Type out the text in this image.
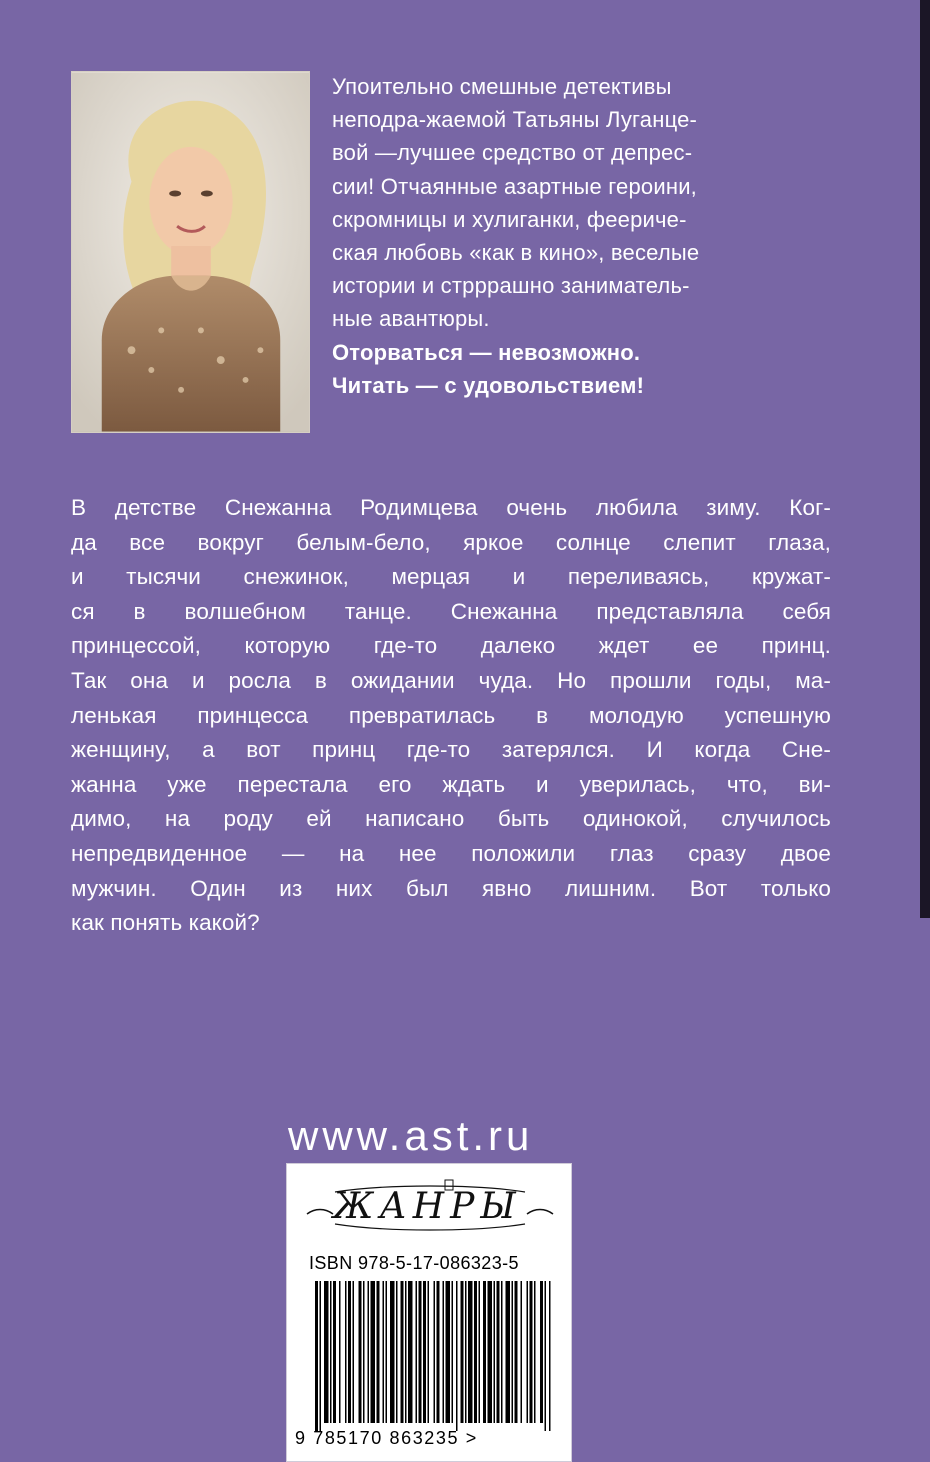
Упоительно смешные детективы
неподра-жаемой Татьяны Луганце-
вой —лучшее средство от депрес-
сии! Отчаянные азартные героини,
скромницы и хулиганки, фееричe-
ская любовь «как в кино», веселые
истории и стрррашно заниматель-
ные авантюры.
Оторваться — невозможно.
Читать — с удовольствием!
В детстве Снежанна Родимцева очень любила зиму. Ког-
да все вокруг белым-бело, яркое солнце слепит глаза,
и тысячи снежинок, мерцая и переливаясь, кружат-
ся в волшебном танце. Снежанна представляла себя
принцессой, которую где-то далеко ждет ее принц.
Так она и росла в ожидании чуда. Но прошли годы, ма-
ленькая принцесса превратилась в молодую успешную
женщину, а вот принц где-то затерялся. И когда Сне-
жанна уже перестала его ждать и уверилась, что, ви-
димо, на роду ей написано быть одинокой, случилось
непредвиденное — на нее положили глаз сразу двое
мужчин. Один из них был явно лишним. Вот только
как понять какой?
www.ast.ru
ЖАНРЫ
ISBN 978-5-17-086323-5
9 785170 863235 >
